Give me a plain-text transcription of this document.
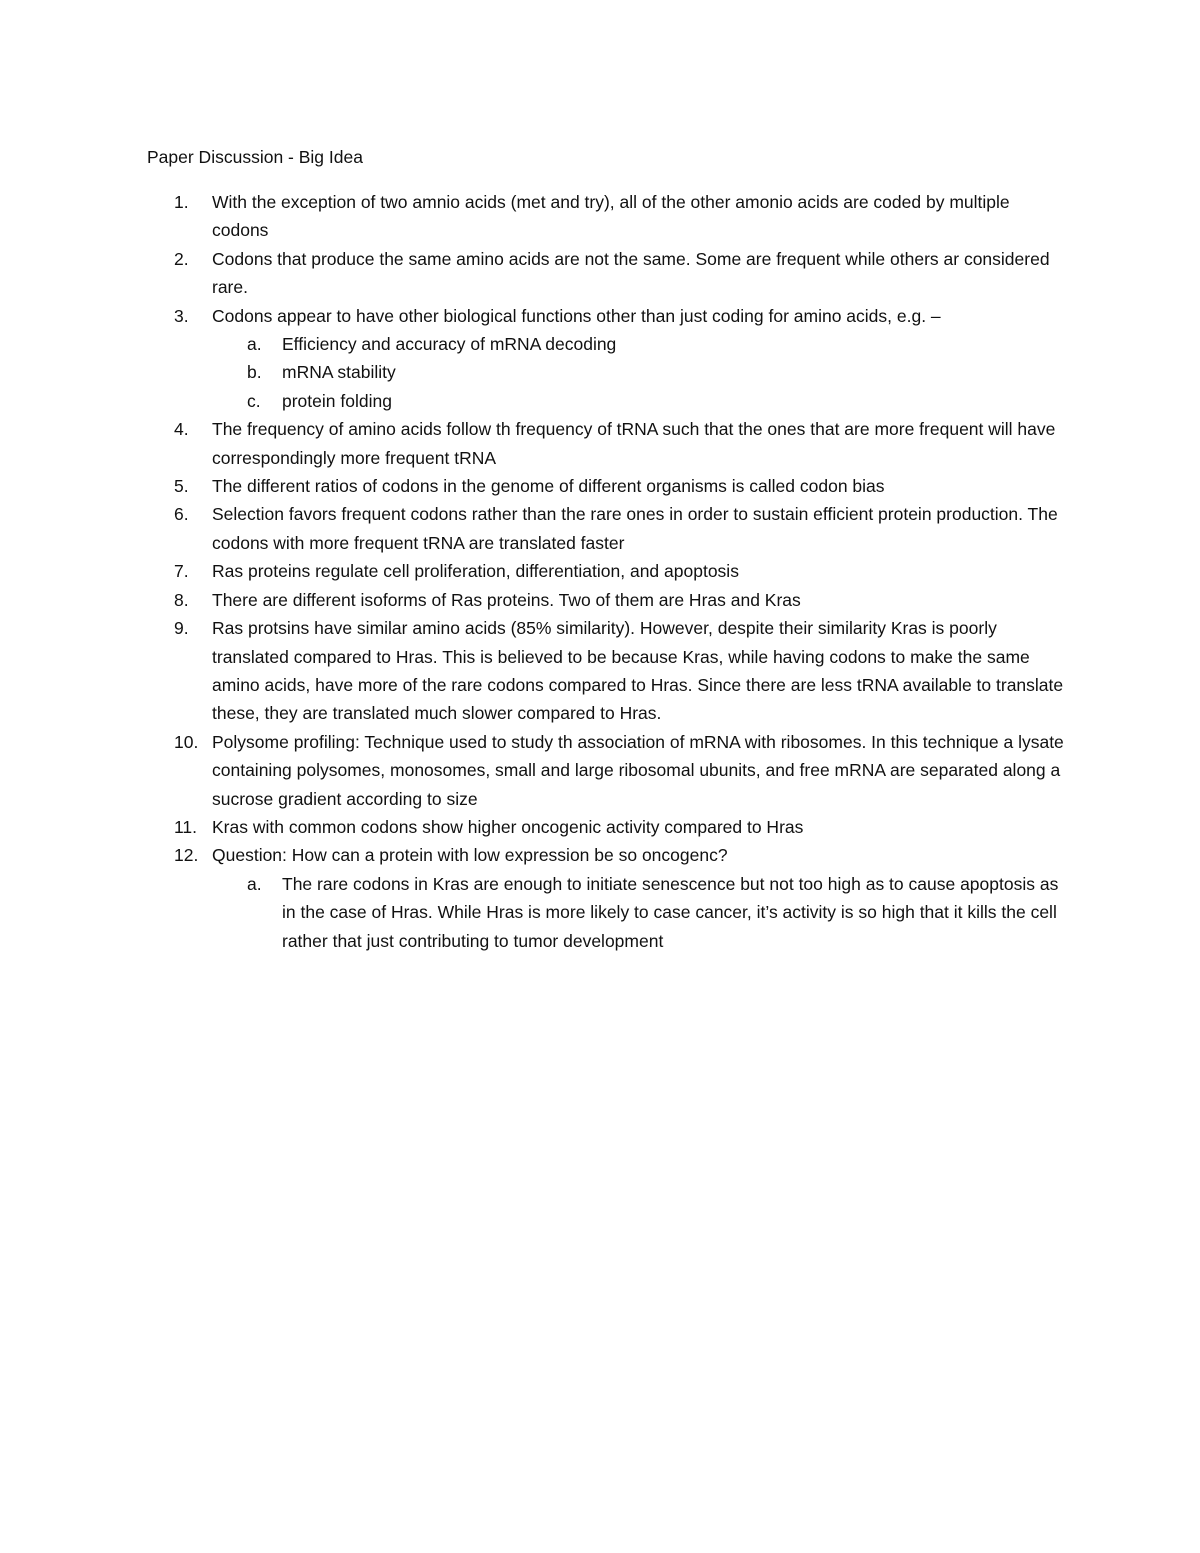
Paper Discussion - Big Idea
1. With the exception of two amnio acids (met and try), all of the other amonio acids are coded by multiple codons
2. Codons that produce the same amino acids are not the same. Some are frequent while others ar considered rare.
3. Codons appear to have other biological functions other than just coding for amino acids, e.g. –
a. Efficiency and accuracy of mRNA decoding
b. mRNA stability
c. protein folding
4. The frequency of amino acids follow th frequency of tRNA such that the ones that are more frequent will have correspondingly more frequent tRNA
5. The different ratios of codons in the genome of different organisms is called codon bias
6. Selection favors frequent codons rather than the rare ones in order to sustain efficient protein production. The codons with more frequent tRNA are translated faster
7. Ras proteins regulate cell proliferation, differentiation, and apoptosis
8. There are different isoforms of Ras proteins. Two of them are Hras and Kras
9. Ras protsins have similar amino acids (85% similarity). However, despite their similarity Kras is poorly translated compared to Hras. This is believed to be because Kras, while having codons to make the same amino acids, have more of the rare codons compared to Hras. Since there are less tRNA available to translate these, they are translated much slower compared to Hras.
10. Polysome profiling: Technique used to study th association of mRNA with ribosomes. In this technique a lysate containing polysomes, monosomes, small and large ribosomal ubunits, and free mRNA are separated along a sucrose gradient according to size
11. Kras with common codons show higher oncogenic activity compared to Hras
12. Question: How can a protein with low expression be so oncogenc?
a. The rare codons in Kras are enough to initiate senescence but not too high as to cause apoptosis as in the case of Hras. While Hras is more likely to case cancer, it’s activity is so high that it kills the cell rather that just contributing to tumor development
